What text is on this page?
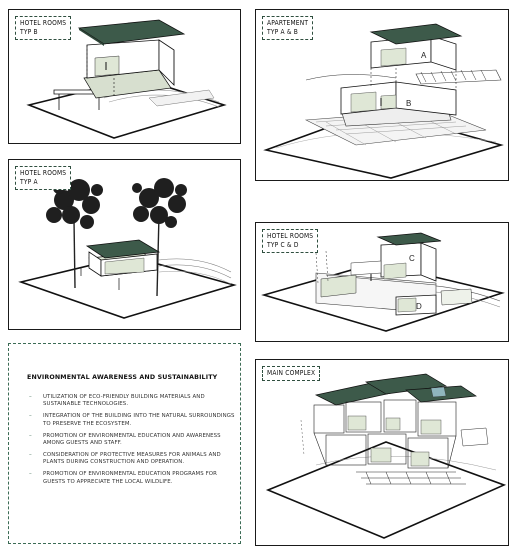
HOTEL ROOMS
TYP B
APARTEMENT
TYP A & B
B
A
HOTEL ROOMS
TYP A
HOTEL ROOMS
TYP C & D
D
C
MAIN COMPLEX
ENVIRONMENTAL AWARENESS AND SUSTAINABILITY
– UTILIZATION OF ECO-FRIENDLY BUILDING MATERIALS AND SUSTAINABLE TECHNOLOGIES.
– INTEGRATION OF THE BUILDING INTO THE NATURAL SURROUNDINGS TO PRESERVE THE ECOSYSTEM.
– PROMOTION OF ENVIRONMENTAL EDUCATION AND AWARENESS AMONG GUESTS AND STAFF.
– CONSIDERATION OF PROTECTIVE MEASURES FOR ANIMALS AND PLANTS DURING CONSTRUCTION AND OPERATION.
– PROMOTION OF ENVIRONMENTAL EDUCATION PROGRAMS FOR GUESTS TO APPRECIATE THE LOCAL WILDLIFE.
